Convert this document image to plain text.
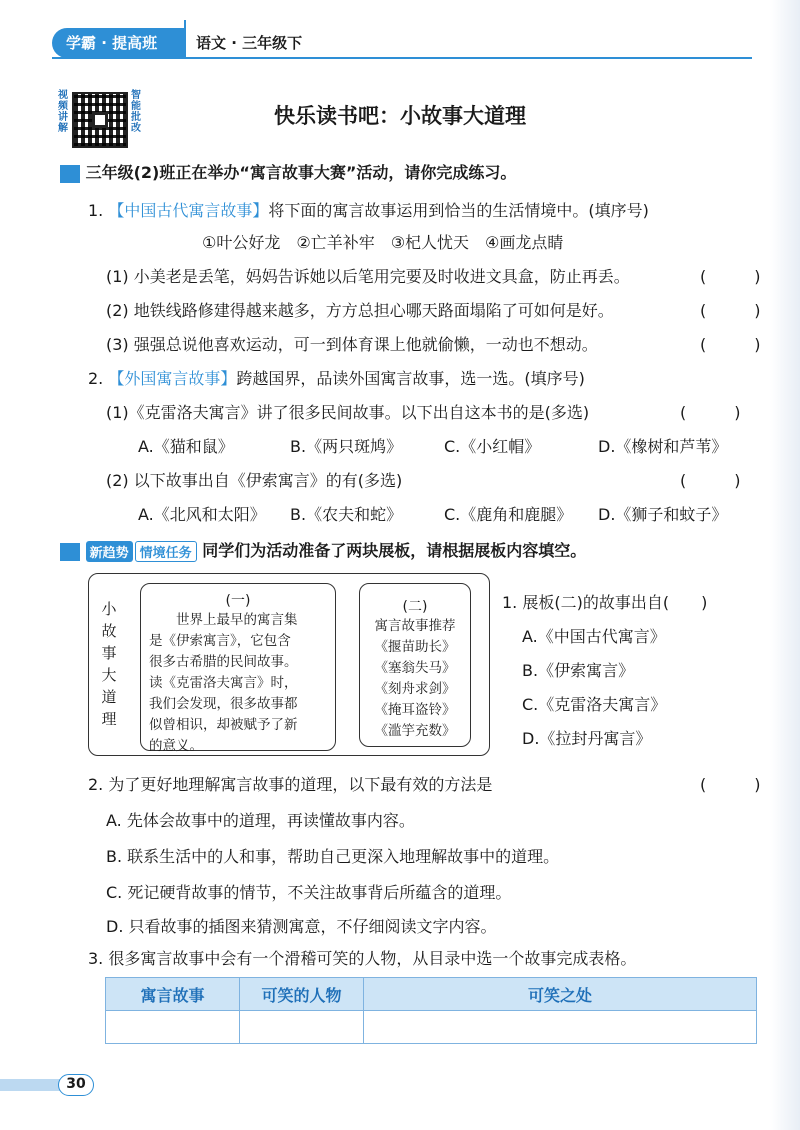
学霸 · 提高班	语文 · 三年级下
视频讲解
智能批改
快乐读书吧：小故事大道理
三年级(2)班正在举办“寓言故事大赛”活动，请你完成练习。
1. 【中国古代寓言故事】将下面的寓言故事运用到恰当的生活情境中。(填序号)
①叶公好龙　②亡羊补牢　③杞人忧天　④画龙点睛
(1) 小美老是丢笔，妈妈告诉她以后笔用完要及时收进文具盒，防止再丢。	(　　　)
(2) 地铁线路修建得越来越多，方方总担心哪天路面塌陷了可如何是好。	(　　　)
(3) 强强总说他喜欢运动，可一到体育课上他就偷懒，一动也不想动。	(　　　)
2. 【外国寓言故事】跨越国界，品读外国寓言故事，选一选。(填序号)
(1)《克雷洛夫寓言》讲了很多民间故事。以下出自这本书的是(多选)	(　　　)
A.《猫和鼠》	B.《两只斑鸠》	C.《小红帽》	D.《橡树和芦苇》
(2) 以下故事出自《伊索寓言》的有(多选)	(　　　)
A.《北风和太阳》 B.《农夫和蛇》	C.《鹿角和鹿腿》 D.《狮子和蚊子》
新趋势 情境任务 同学们为活动准备了两块展板，请根据展板内容填空。
小
故
事
大
道
理
(一)
　　世界上最早的寓言集
是《伊索寓言》，它包含
很多古希腊的民间故事。
读《克雷洛夫寓言》时，
我们会发现，很多故事都
似曾相识，却被赋予了新
的意义。
(二)
寓言故事推荐
《揠苗助长》
《塞翁失马》
《刻舟求剑》
《掩耳盗铃》
《滥竽充数》
1. 展板(二)的故事出自(　　)
A.《中国古代寓言》
B.《伊索寓言》
C.《克雷洛夫寓言》
D.《拉封丹寓言》
2. 为了更好地理解寓言故事的道理，以下最有效的方法是	(　　　)
A. 先体会故事中的道理，再读懂故事内容。
B. 联系生活中的人和事，帮助自己更深入地理解故事中的道理。
C. 死记硬背故事的情节，不关注故事背后所蕴含的道理。
D. 只看故事的插图来猜测寓意，不仔细阅读文字内容。
3. 很多寓言故事中会有一个滑稽可笑的人物，从目录中选一个故事完成表格。
寓言故事	可笑的人物	可笑之处

30
